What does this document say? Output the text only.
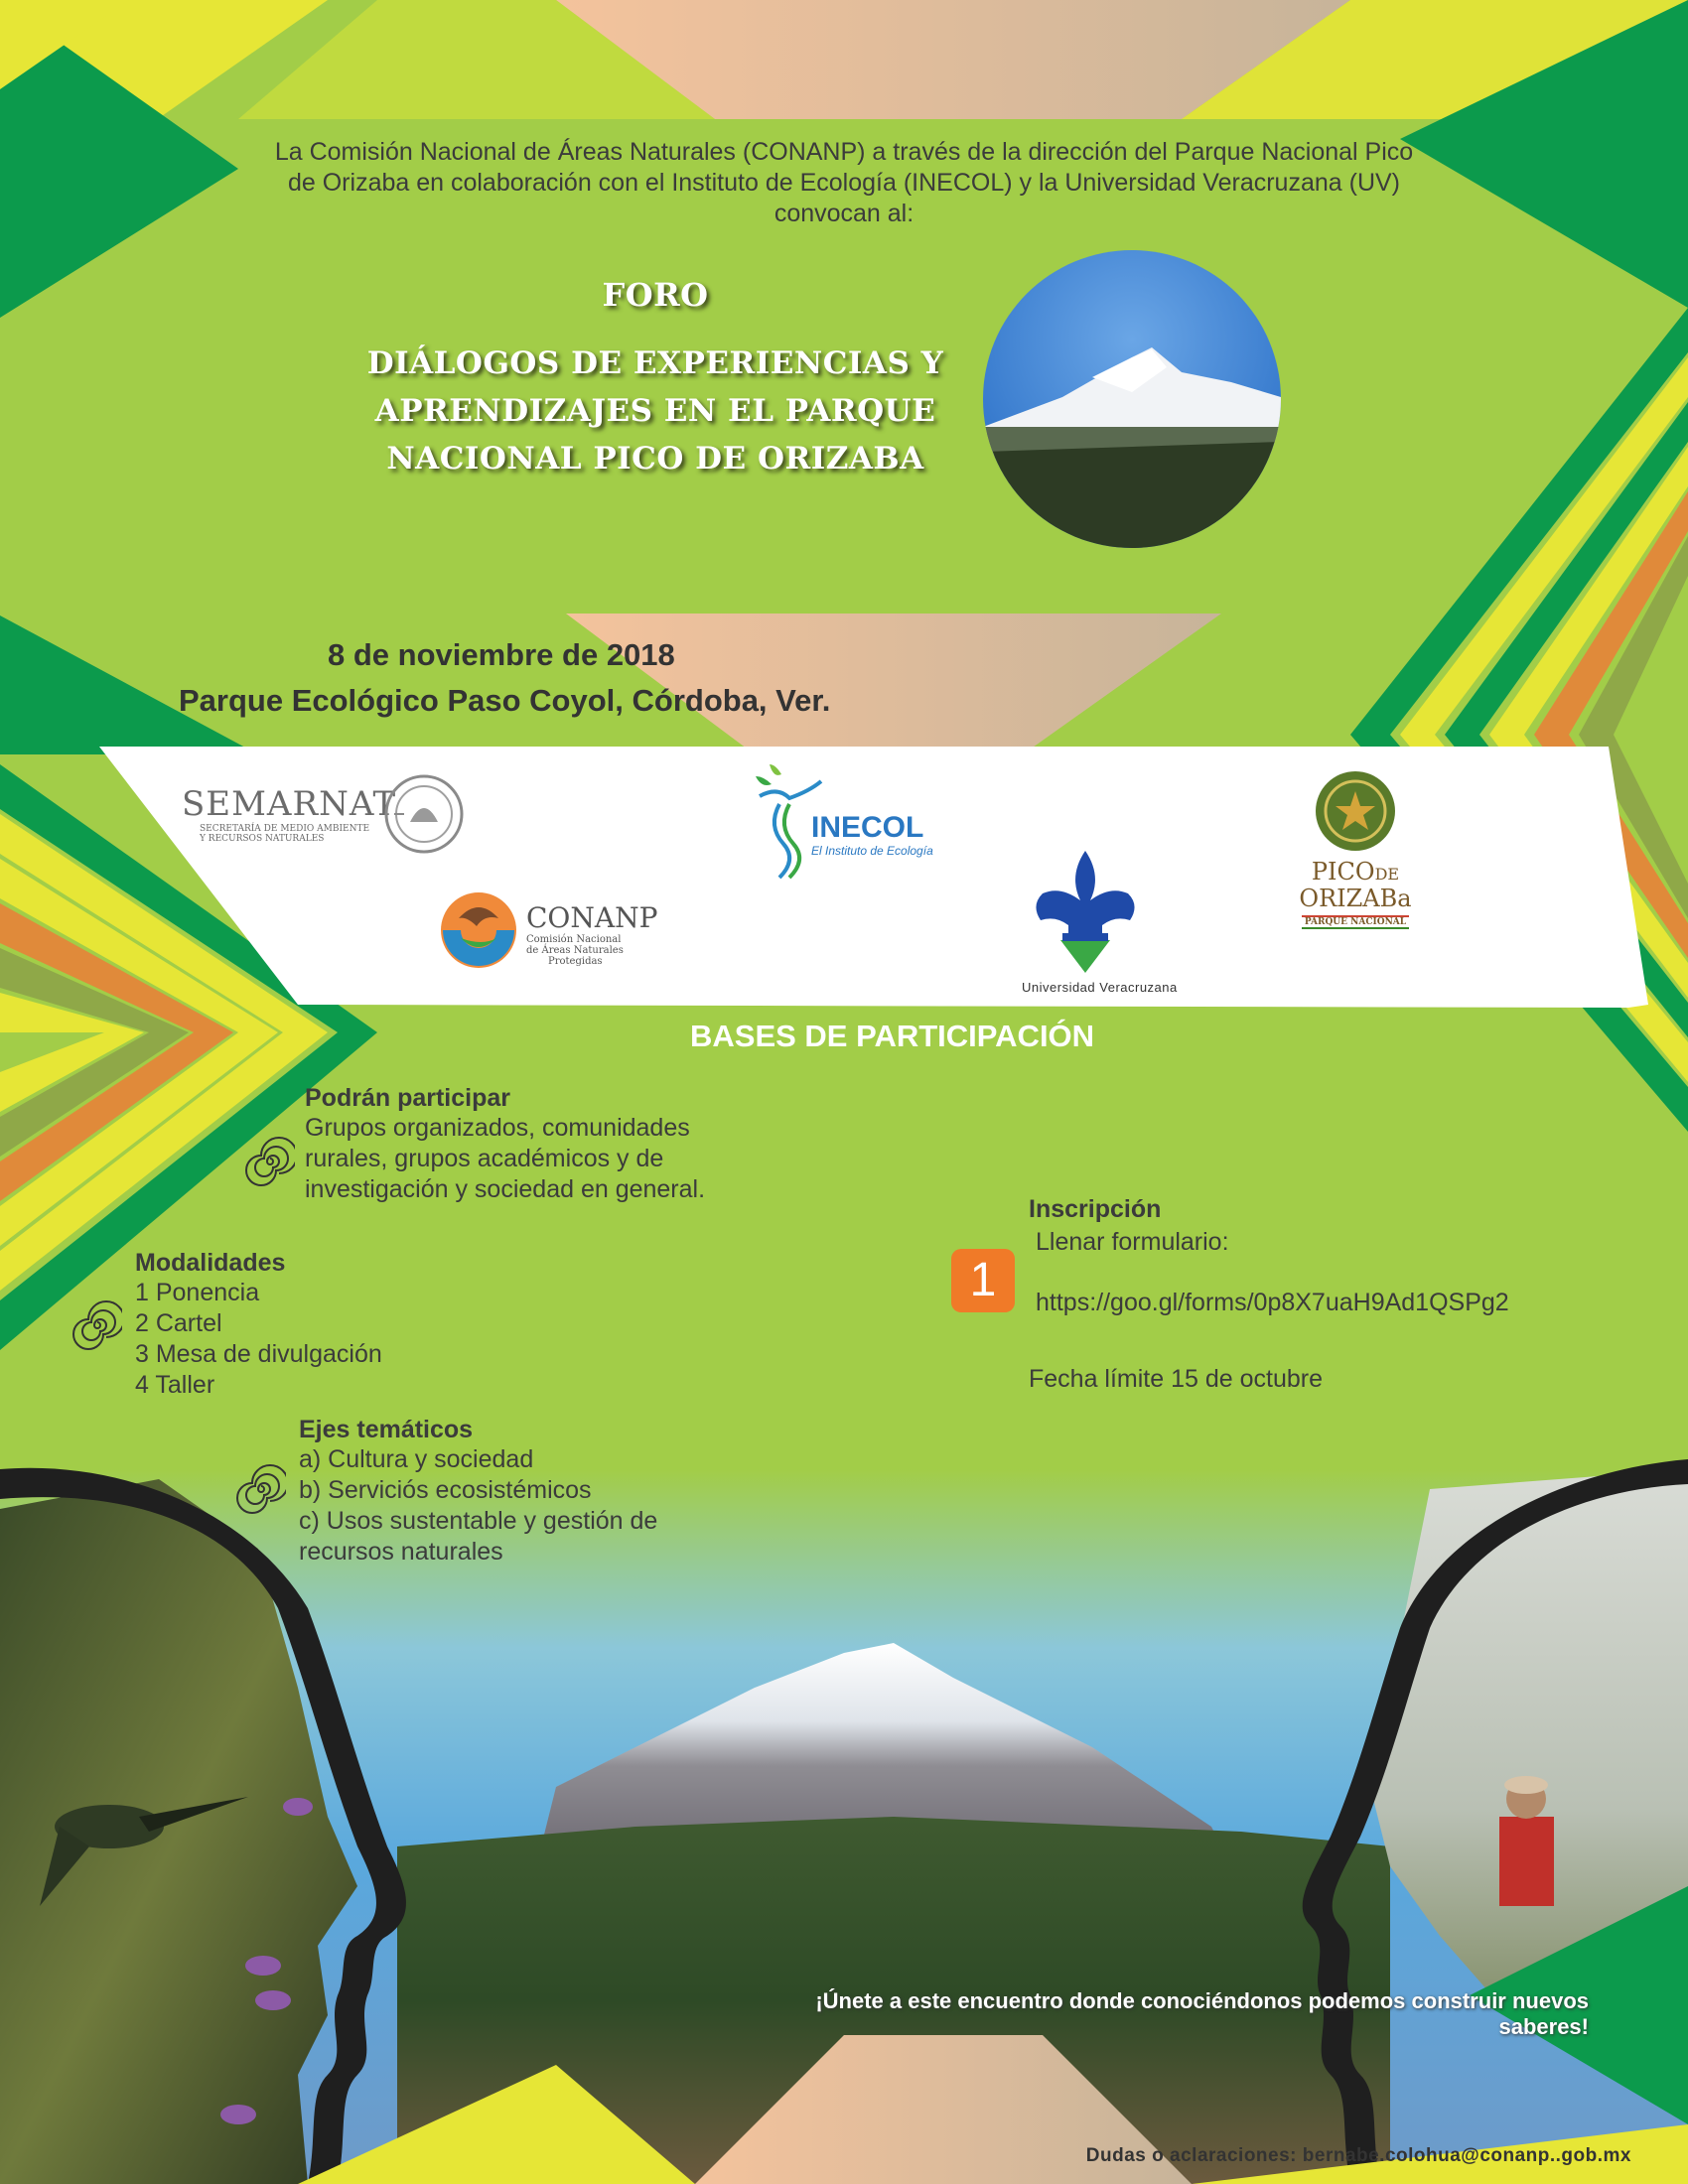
La Comisión Nacional de Áreas Naturales (CONANP) a través de la dirección del Parque Nacional Pico
de Orizaba en colaboración con el Instituto de Ecología (INECOL) y la Universidad Veracruzana (UV)
convocan al:
FORO
DIÁLOGOS DE EXPERIENCIAS Y
APRENDIZAJES EN EL PARQUE
NACIONAL PICO DE ORIZABA
8 de noviembre de 2018
Parque Ecológico Paso Coyol, Córdoba, Ver.
SEMARNAT
SECRETARÍA DE MEDIO AMBIENTE
Y RECURSOS NATURALES	INECOL
El Instituto de Ecología
CONANP
Comisión Nacional
de Áreas Naturales
Protegidas
Universidad Veracruzana
PICODE
ORIZABa
PARQUE NACIONAL
BASES DE PARTICIPACIÓN
Podrán participar
Grupos organizados, comunidades
rurales, grupos académicos y de
investigación y sociedad en general.
Modalidades
1 Ponencia
2 Cartel
3 Mesa de divulgación
4 Taller
Ejes temáticos
a) Cultura y sociedad
b) Serviciós ecosistémicos
c) Usos sustentable y gestión de
recursos naturales
Inscripción
1
Llenar formulario:
https://goo.gl/forms/0p8X7uaH9Ad1QSPg2
Fecha límite 15 de octubre
¡Únete a este encuentro donde conociéndonos podemos construir nuevos saberes!
Dudas o aclaraciones: bernabe.colohua@conanp..gob.mx
